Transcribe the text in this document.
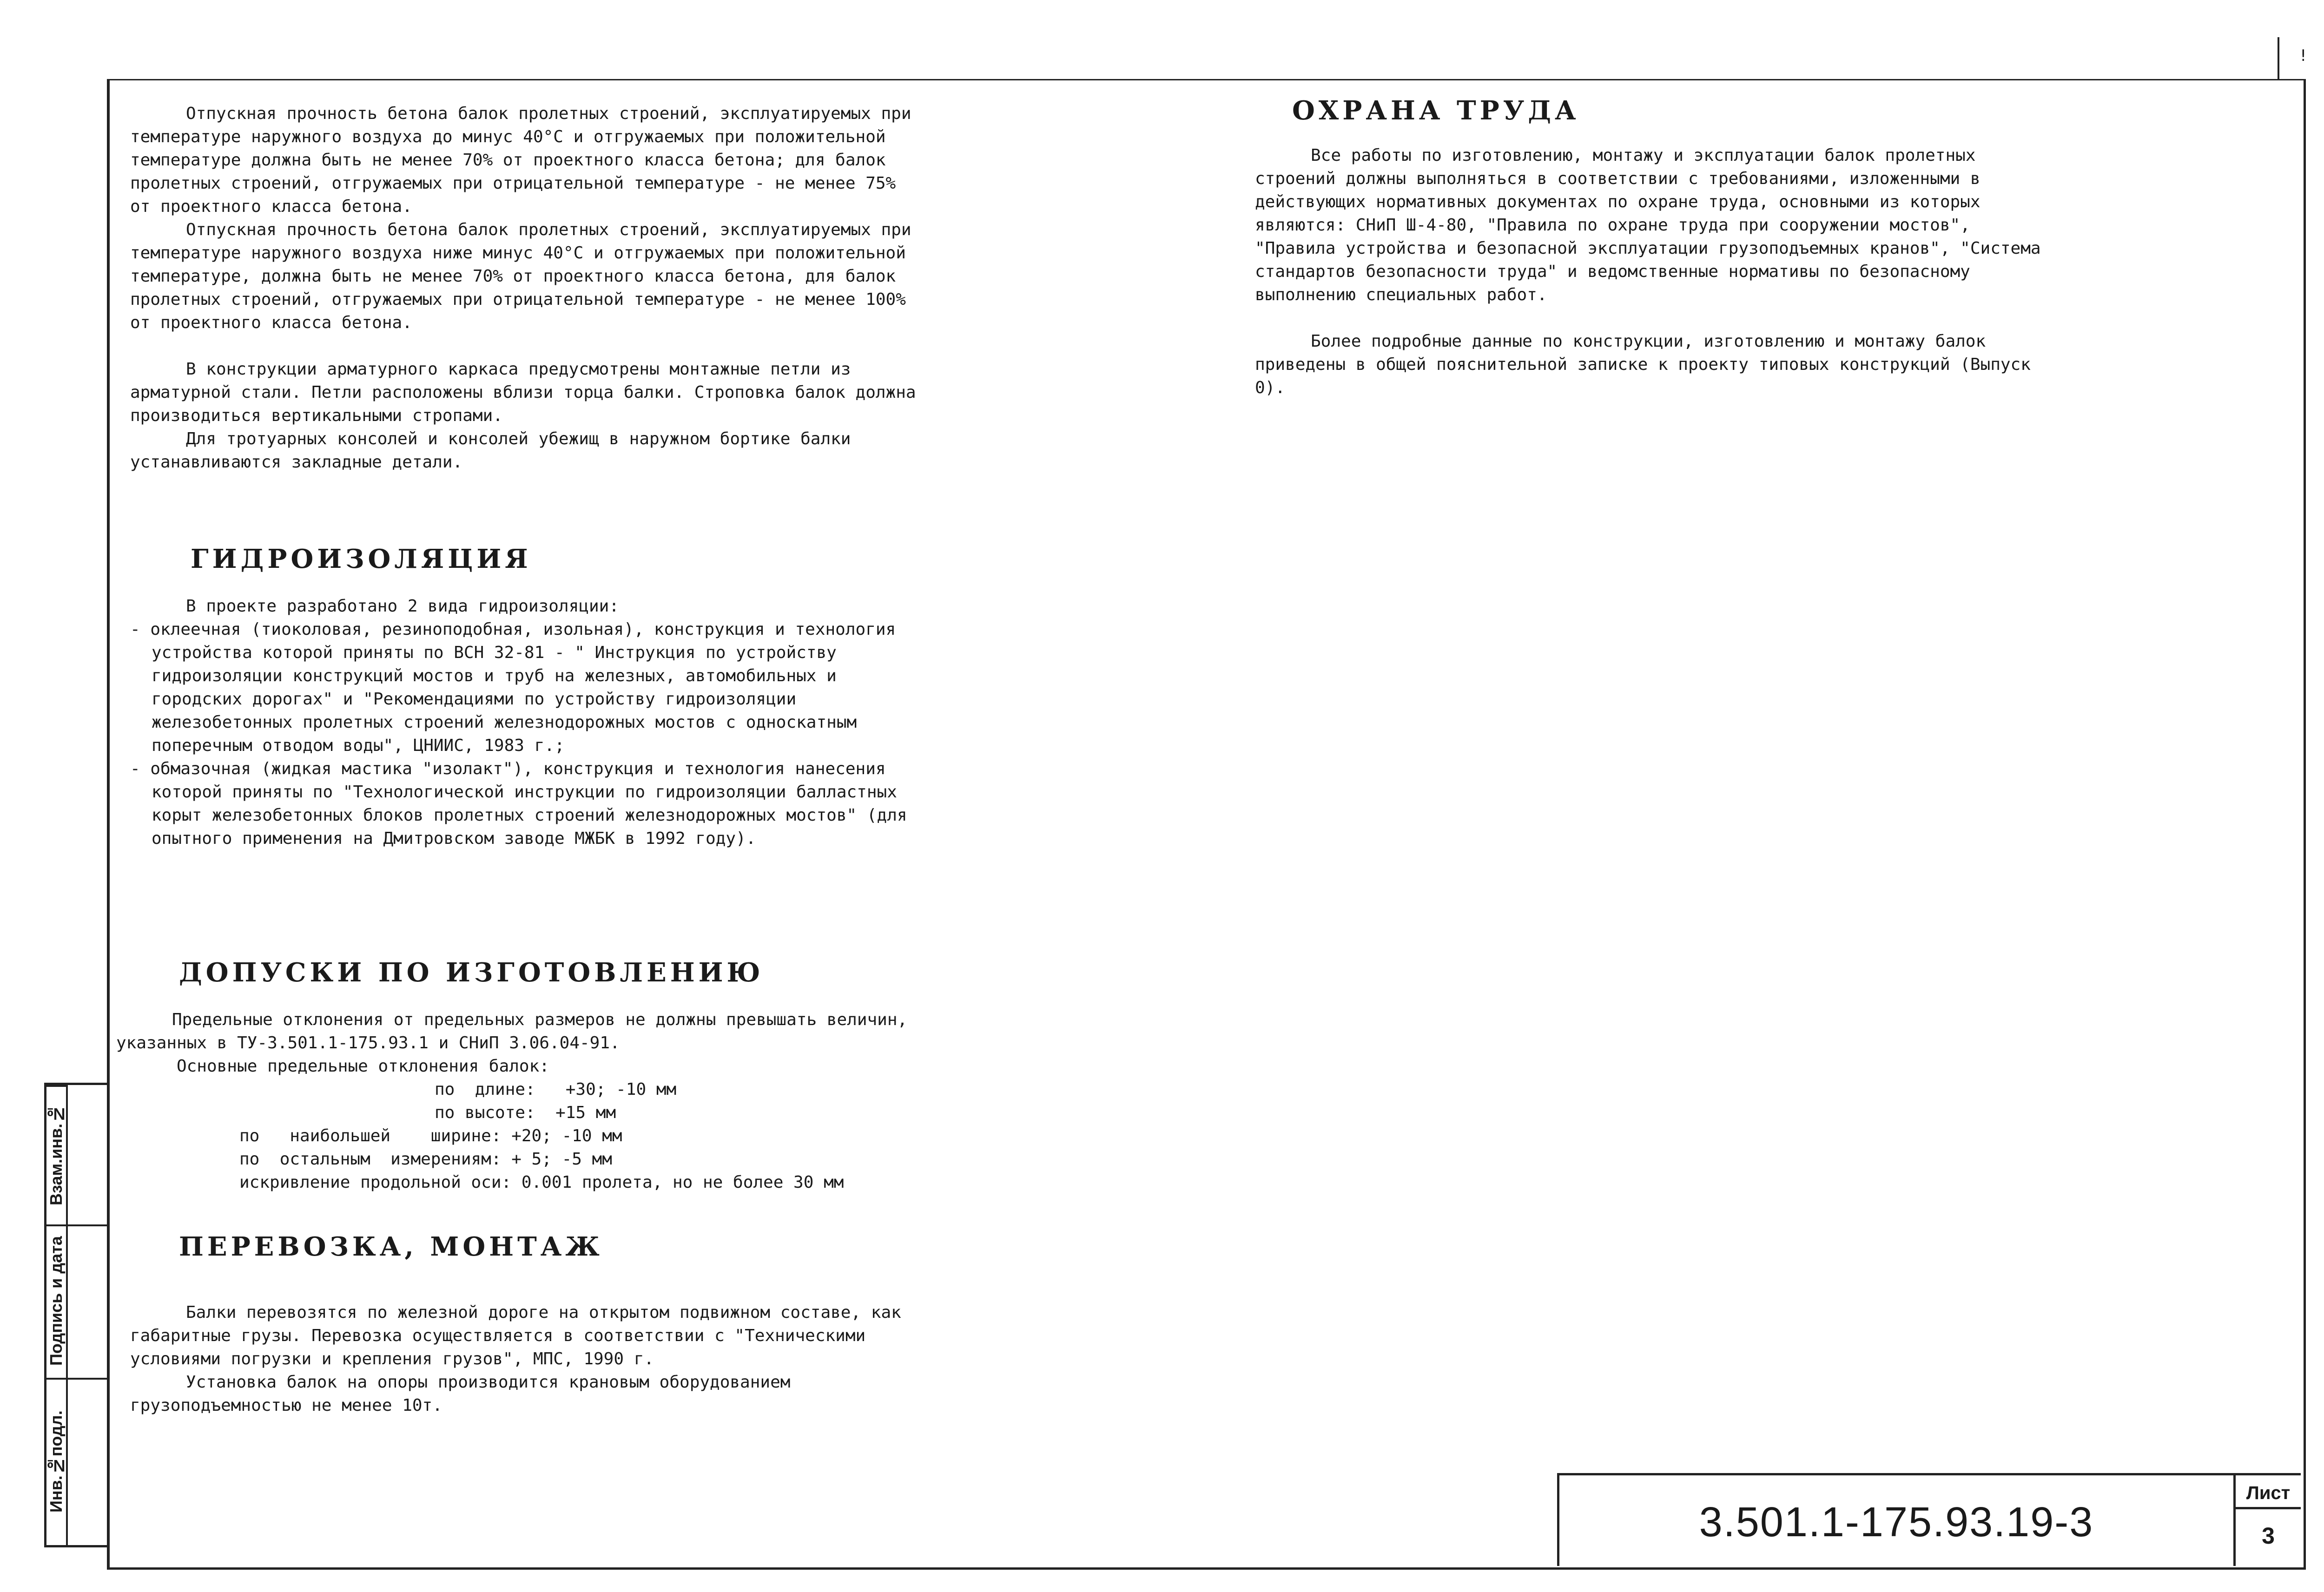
!

Отпускная прочность бетона балок пролетных строений, эксплуатируемых при температуре наружного воздуха до минус 40°С и отгружаемых при положительной температуре должна быть не менее 70% от проектного класса бетона; для балок пролетных строений, отгружаемых при отрицательной температуре - не менее 75% от проектного класса бетона.

Отпускная прочность бетона балок пролетных строений, эксплуатируемых при температуре наружного воздуха ниже минус 40°С и отгружаемых при положительной температуре, должна быть не менее 70% от проектного класса бетона, для балок пролетных строений, отгружаемых при отрицательной температуре - не менее 100% от проектного класса бетона.

В конструкции арматурного каркаса предусмотрены монтажные петли из арматурной стали. Петли расположены вблизи торца балки. Строповка балок должна производиться вертикальными стропами.

Для тротуарных консолей и консолей убежищ в наружном бортике балки устанавливаются закладные детали.

ГИДРОИЗОЛЯЦИЯ

В проекте разработано 2 вида гидроизоляции:

- оклеечная (тиоколовая, резиноподобная, изольная), конструкция и технология устройства которой приняты по ВСН 32-81 - " Инструкция по устройству гидроизоляции конструкций мостов и труб на железных, автомобильных и городских дорогах" и "Рекомендациями по устройству гидроизоляции железобетонных пролетных строений железнодорожных мостов с односкатным поперечным отводом воды", ЦНИИС, 1983 г.;

- обмазочная (жидкая мастика "изолакт"), конструкция и технология нанесения которой приняты по "Технологической инструкции по гидроизоляции балластных корыт железобетонных блоков пролетных строений железнодорожных мостов" (для опытного применения на Дмитровском заводе МЖБК в 1992 году).

ДОПУСКИ ПО ИЗГОТОВЛЕНИЮ

Предельные отклонения от предельных размеров не должны превышать величин, указанных в ТУ-3.501.1-175.93.1 и СНиП 3.06.04-91.

Основные предельные отклонения балок:

по  длине:   +30; -10 мм

по высоте:  +15 мм

по   наибольшей    ширине: +20; -10 мм

по  остальным  измерениям: + 5; -5 мм

искривление продольной оси: 0.001 пролета, но не более 30 мм

ПЕРЕВОЗКА, МОНТАЖ

Балки перевозятся по железной дороге на открытом подвижном составе, как габаритные грузы. Перевозка осуществляется в соответствии с "Техническими условиями погрузки и крепления грузов", МПС, 1990 г.

Установка балок на опоры производится крановым оборудованием грузоподъемностью не менее 10т.

ОХРАНА ТРУДА

Все работы по изготовлению, монтажу и эксплуатации балок пролетных строений должны выполняться в соответствии с требованиями, изложенными в действующих нормативных документах по охране труда, основными из которых являются: СНиП Ш-4-80, "Правила по охране труда при сооружении мостов", "Правила устройства и безопасной эксплуатации грузоподъемных кранов", "Система стандартов безопасности труда" и ведомственные нормативы по безопасному выполнению специальных работ.

Более подробные данные по конструкции, изготовлению и монтажу балок приведены в общей пояснительной записке к проекту типовых конструкций (Выпуск 0).

Взам.инв.№
Подпись и дата
Инв.№подл.
3.501.1-175.93.19-3
Лист
3
